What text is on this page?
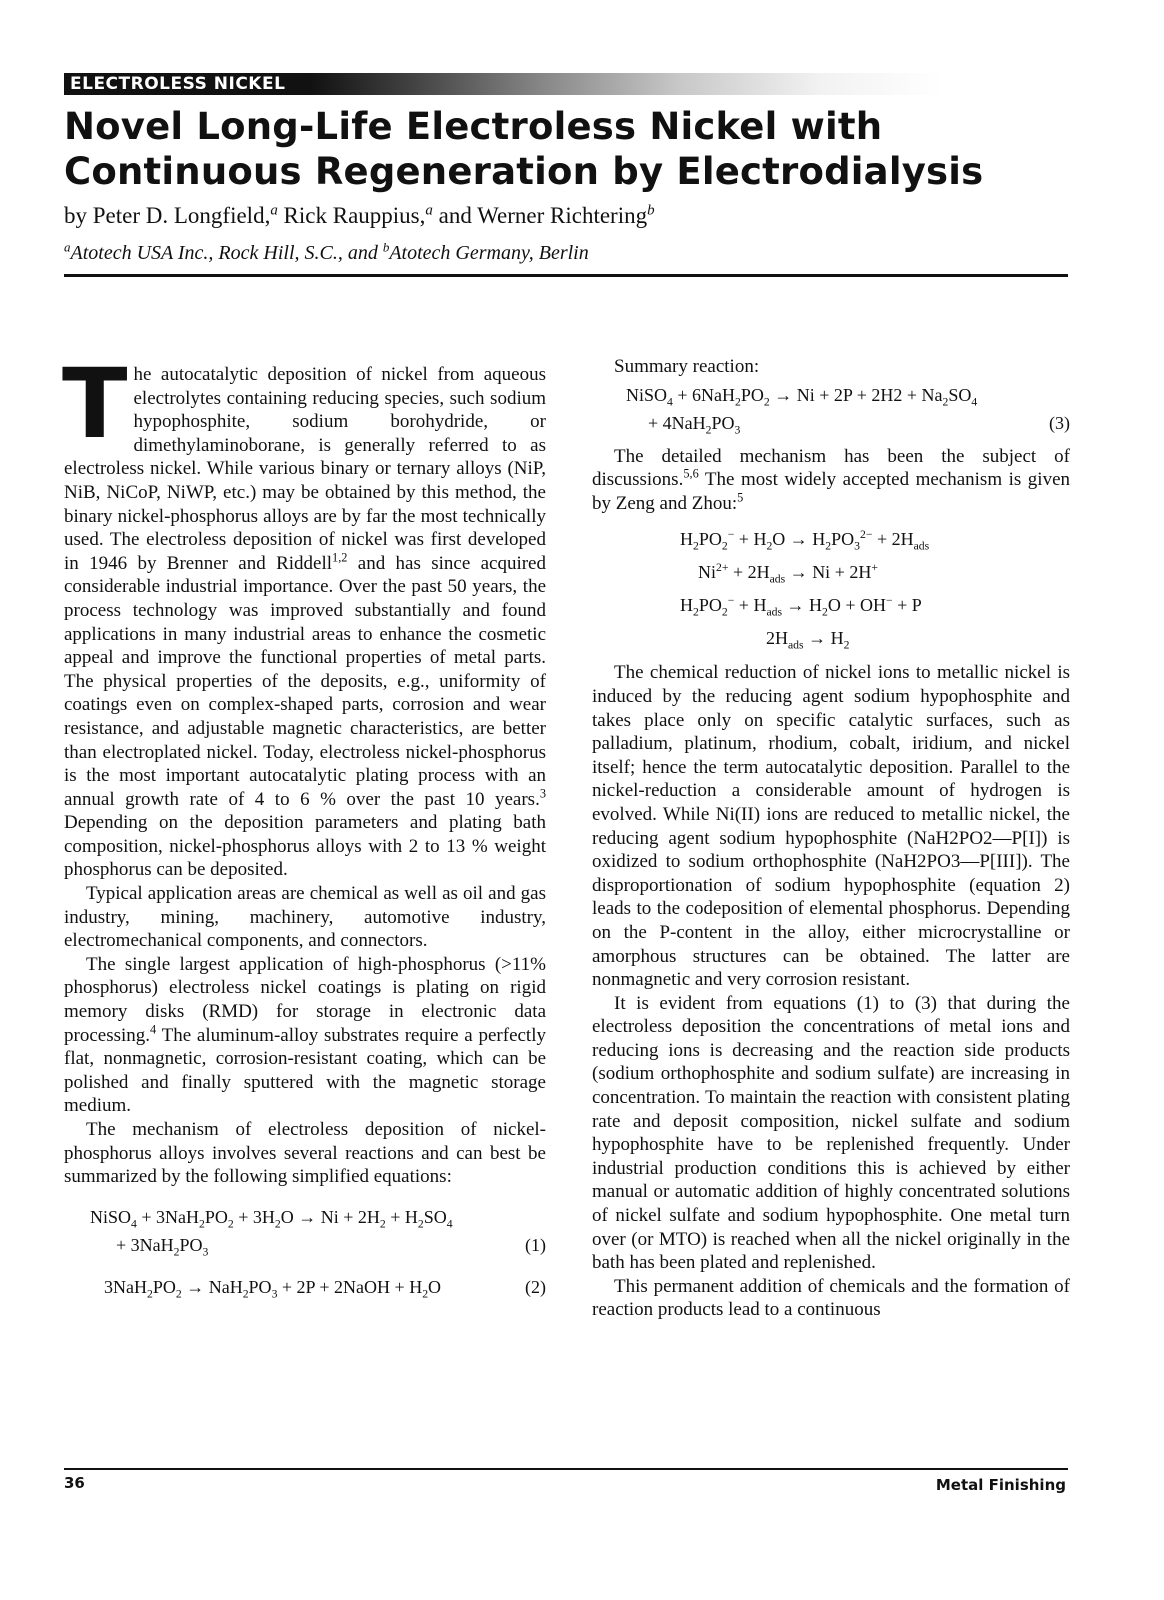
ELECTROLESS NICKEL
Novel Long-Life Electroless Nickel with
Continuous Regeneration by Electrodialysis
by Peter D. Longfield,$^a$ Rick Rauppius,$^a$ and Werner Richtering$^b$
$^a$Atotech USA Inc., Rock Hill, S.C., and $^b$Atotech Germany, Berlin

The autocatalytic deposition of nickel from aqueous electrolytes containing reducing species, such sodium hypophosphite, sodium borohydride, or dimethylaminoborane, is generally referred to as electroless nickel. While various binary or ternary alloys (NiP, NiB, NiCoP, NiWP, etc.) may be obtained by this method, the binary nickel-phosphorus alloys are by far the most technically used. The electroless deposition of nickel was first developed in 1946 by Brenner and Riddell$^{1,2}$ and has since acquired considerable industrial importance. Over the past 50 years, the process technology was improved substantially and found applications in many industrial areas to enhance the cosmetic appeal and improve the functional properties of metal parts. The physical properties of the deposits, e.g., uniformity of coatings even on complex-shaped parts, corrosion and wear resistance, and adjustable magnetic characteristics, are better than electroplated nickel. Today, electroless nickel-phosphorus is the most important autocatalytic plating process with an annual growth rate of 4 to 6 % over the past 10 years.$^3$ Depending on the deposition parameters and plating bath composition, nickel-phosphorus alloys with 2 to 13 % weight phosphorus can be deposited.

Typical application areas are chemical as well as oil and gas industry, mining, machinery, automotive industry, electromechanical components, and connectors.

The single largest application of high-phosphorus (>11% phosphorus) electroless nickel coatings is plating on rigid memory disks (RMD) for storage in electronic data processing.$^4$ The aluminum-alloy substrates require a perfectly flat, nonmagnetic, corrosion-resistant coating, which can be polished and finally sputtered with the magnetic storage medium.

The mechanism of electroless deposition of nickel-phosphorus alloys involves several reactions and can best be summarized by the following simplified equations:

NiSO$_4$ + $3NaH_2PO_2 + 3H_2O \to Ni + 2H_2 + H_2SO_4$
+ $3NaH_2PO_3$	(1)
$3NaH_2PO_2 \to NaH_2PO_3 + 2P$ + 2NaOH + $H_2O$	(2)

Summary reaction:

NiSO$_4$ + $6NaH_2PO_2 \to Ni + 2P + 2H2 + Na_2SO_4$
+ $4NaH_2PO_3$	(3)

The detailed mechanism has been the subject of discussions.$^{5,6}$ The most widely accepted mechanism is given by Zeng and Zhou:$^5$

$H_2PO_2^- + H_2O \to H_2PO_3^{2-} + 2H_{ads}$
$Ni^{2+} + 2H_{ads} \to Ni + 2H^+$
$H_2PO_2^- + H_{ads} \to H_2O + OH^- + P$
$2H_{ads} \to H_2$

The chemical reduction of nickel ions to metallic nickel is induced by the reducing agent sodium hypophosphite and takes place only on specific catalytic surfaces, such as palladium, platinum, rhodium, cobalt, iridium, and nickel itself; hence the term autocatalytic deposition. Parallel to the nickel-reduction a considerable amount of hydrogen is evolved. While Ni(II) ions are reduced to metallic nickel, the reducing agent sodium hypophosphite (NaH2PO2—P[I]) is oxidized to sodium orthophosphite (NaH2PO3—P[III]). The disproportionation of sodium hypophosphite (equation 2) leads to the codeposition of elemental phosphorus. Depending on the P-content in the alloy, either microcrystalline or amorphous structures can be obtained. The latter are nonmagnetic and very corrosion resistant.

It is evident from equations (1) to (3) that during the electroless deposition the concentrations of metal ions and reducing ions is decreasing and the reaction side products (sodium orthophosphite and sodium sulfate) are increasing in concentration. To maintain the reaction with consistent plating rate and deposit composition, nickel sulfate and sodium hypophosphite have to be replenished frequently. Under industrial production conditions this is achieved by either manual or automatic addition of highly concentrated solutions of nickel sulfate and sodium hypophosphite. One metal turn over (or MTO) is reached when all the nickel originally in the bath has been plated and replenished.

This permanent addition of chemicals and the formation of reaction products lead to a continuous

36	Metal Finishing
